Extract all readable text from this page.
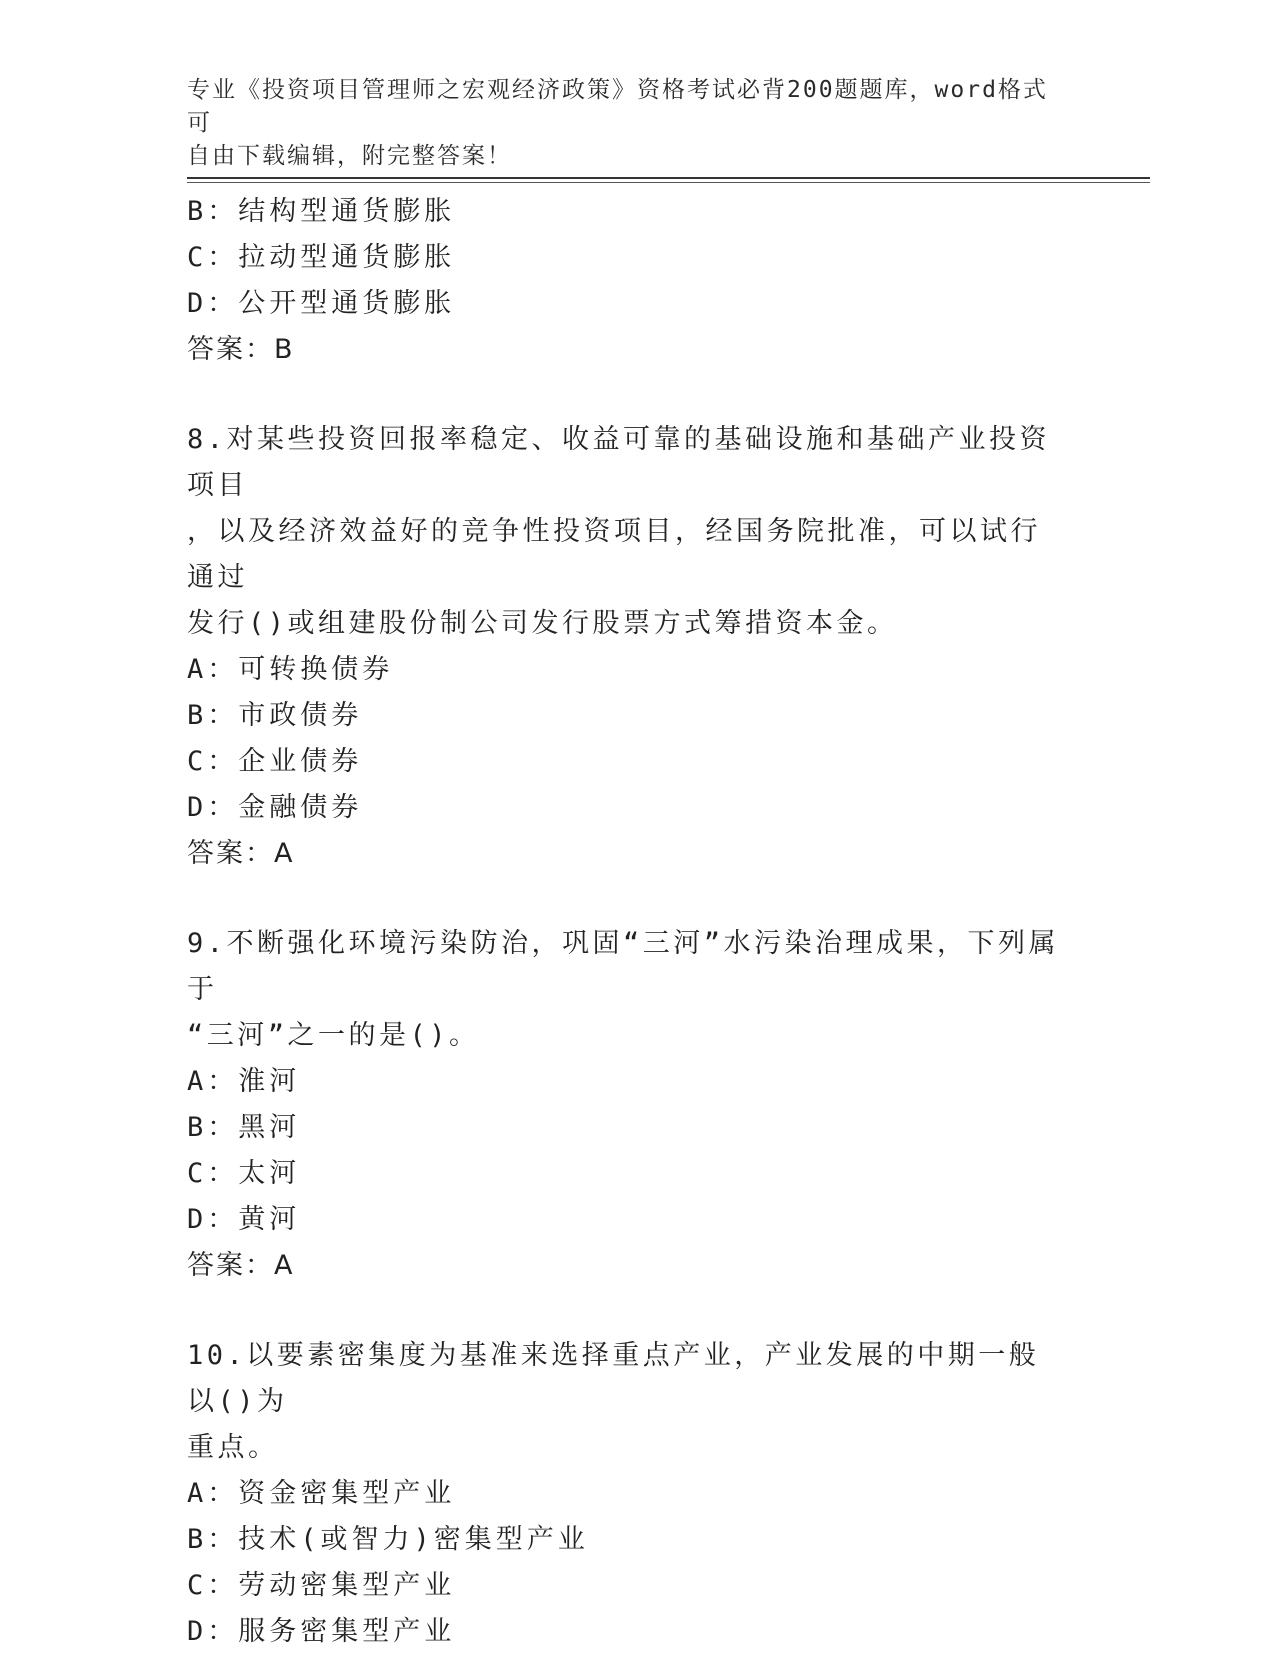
专业《投资项目管理师之宏观经济政策》资格考试必背200题题库，word格式可
自由下载编辑，附完整答案！
B：结构型通货膨胀
C：拉动型通货膨胀
D：公开型通货膨胀
答案：B
8.对某些投资回报率稳定、收益可靠的基础设施和基础产业投资项目
，以及经济效益好的竞争性投资项目，经国务院批准，可以试行通过
发行()或组建股份制公司发行股票方式筹措资本金。
A：可转换债券
B：市政债券
C：企业债券
D：金融债券
答案：A
9.不断强化环境污染防治，巩固“三河”水污染治理成果，下列属于
“三河”之一的是()。
A：淮河
B：黑河
C：太河
D：黄河
答案：A
10.以要素密集度为基准来选择重点产业，产业发展的中期一般以()为
重点。
A：资金密集型产业
B：技术(或智力)密集型产业
C：劳动密集型产业
D：服务密集型产业
